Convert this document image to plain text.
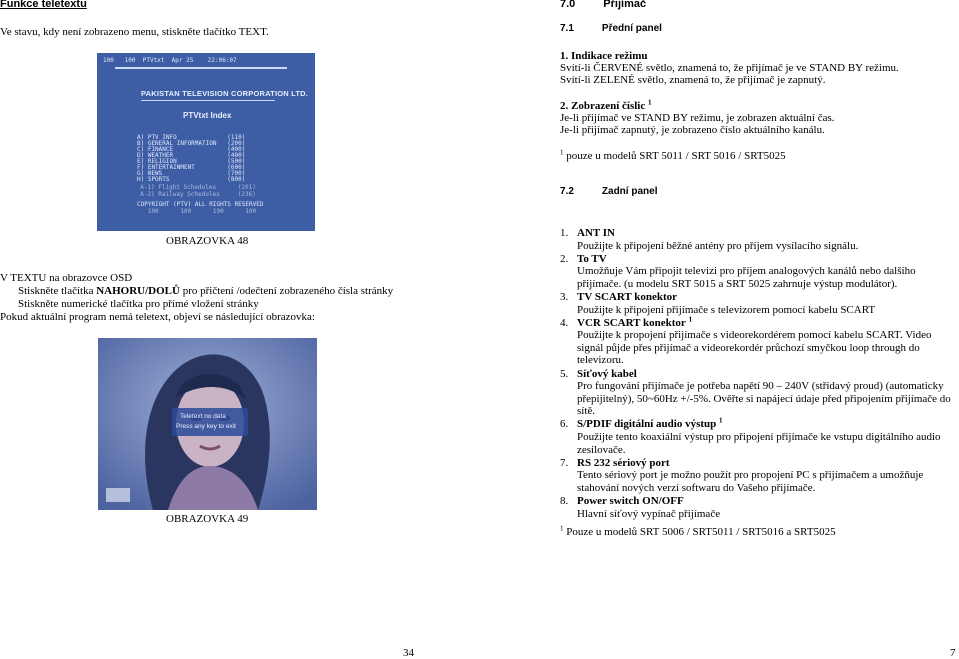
Funkce teletextu
Ve stavu, kdy není zobrazeno menu, stiskněte tlačítko TEXT.
100   100  PTVtxt  Apr 25    22:06:07
PAKISTAN TELEVISION CORPORATION LTD.
PTVtxt Index
A) PTV INFO              (110)
B) GENERAL INFORMATION   (200)
C) FINANCE               (400)
D) WEATHER               (400)
E) RELIGION              (500)
F) ENTERTAINMENT         (600)
G) NEWS                  (700)
H) SPORTS                (800)
A-1) Flight Schedules      (201)
A-2) Railway Schedules     (236)
COPYRIGHT (PTV) ALL RIGHTS RESERVED
100      100      190      100
OBRAZOVKA 48
V TEXTU na obrazovce OSD
Stiskněte tlačítka NAHORU/DOLŮ pro přičtení /odečtení zobrazeného čísla stránky
Stiskněte numerické tlačítka pro přímé vložení stránky
Pokud aktuální program nemá teletext, objeví se následující obrazovka:
Teletext no data
Press any key to exit
OBRAZOVKA 49
34
7.0	Přijímač
7.1	Přední panel
1. Indikace režimu
Svítí-li ČERVENÉ světlo, znamená to, že přijímač je ve STAND BY režimu.
Svítí-li ZELENÉ světlo, znamená to, že přijímač je zapnutý.
2. Zobrazení číslic $^1$
Je-li přijímač ve STAND BY režimu, je zobrazen aktuální čas.
Je-li přijímač zapnutý, je zobrazeno číslo aktuálního kanálu.
$^1$ pouze u modelů SRT 5011 / SRT 5016 / SRT5025
7.2	Zadní panel
1. ANT IN
Použijte k připojení běžné antény pro příjem vysílacího signálu.
2. To TV
Umožňuje Vám připojit televizi pro příjem analogových kanálů nebo dalšího přijímače. (u modelu SRT 5015 a SRT 5025 zahrnuje výstup modulátor).
3. TV SCART konektor
Použijte k připojení přijímače s televizorem pomocí kabelu SCART
4. VCR SCART konektor $^1$
Použijte k propojení přijímače s videorekordérem pomocí kabelu SCART. Video signál půjde přes přijímač a videorekordér průchozí smyčkou loop through do televizoru.
5. Síťový kabel
Pro fungování přijímače je potřeba napětí 90 – 240V (střídavý proud) (automaticky přepijitelný), 50~60Hz +/-5%. Ověřte si napájecí údaje před připojením přijímače do sítě.
6. S/PDIF digitální audio výstup $^1$
Použijte tento koaxiální výstup pro připojení přijímače ke vstupu digitálního audio zesilovače.
7. RS 232 sériový port
Tento sériový port je možno použít pro propojení PC s přijímačem a umožňuje stahování nových verzí softwaru do Vašeho přijímače.
8. Power switch ON/OFF
Hlavní síťový vypínač přijímače
$^1$ Pouze u modelů SRT 5006 / SRT5011 / SRT5016 a SRT5025
7
